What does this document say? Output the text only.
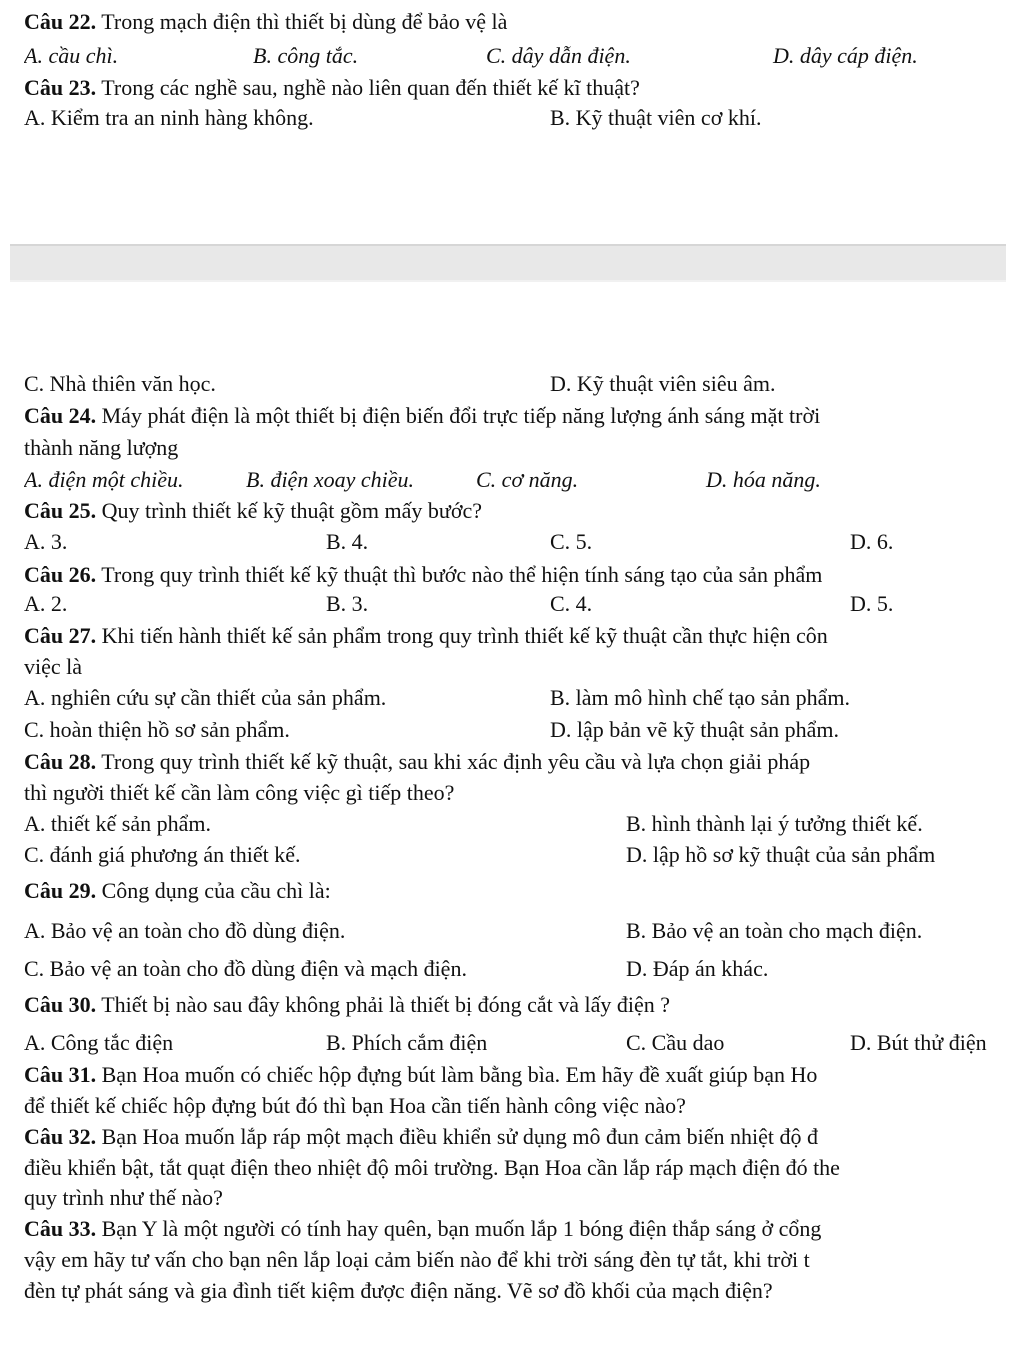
Câu 22. Trong mạch điện thì thiết bị dùng để bảo vệ là
A. cầu chì.	B. công tắc.	C. dây dẫn điện.	D. dây cáp điện.
Câu 23. Trong các nghề sau, nghề nào liên quan đến thiết kế kĩ thuật?
A. Kiểm tra an ninh hàng không.	B. Kỹ thuật viên cơ khí.
C. Nhà thiên văn học.	D. Kỹ thuật viên siêu âm.
Câu 24. Máy phát điện là một thiết bị điện biến đổi trực tiếp năng lượng ánh sáng mặt trời
thành năng lượng
A. điện một chiều.	B. điện xoay chiều.	C. cơ năng.	D. hóa năng.
Câu 25. Quy trình thiết kế kỹ thuật gồm mấy bước?
A. 3.	B. 4.	C. 5.	D. 6.
Câu 26. Trong quy trình thiết kế kỹ thuật thì bước nào thể hiện tính sáng tạo của sản phẩm
A. 2.	B. 3.	C. 4.	D. 5.
Câu 27. Khi tiến hành thiết kế sản phẩm trong quy trình thiết kế kỹ thuật cần thực hiện côn
việc là
A. nghiên cứu sự cần thiết của sản phẩm.	B. làm mô hình chế tạo sản phẩm.
C. hoàn thiện hồ sơ sản phẩm.	D. lập bản vẽ kỹ thuật sản phẩm.
Câu 28. Trong quy trình thiết kế kỹ thuật, sau khi xác định yêu cầu và lựa chọn giải pháp
thì người thiết kế cần làm công việc gì tiếp theo?
A. thiết kế sản phẩm.	B. hình thành lại ý tưởng thiết kế.
C. đánh giá phương án thiết kế.	D. lập hồ sơ kỹ thuật của sản phẩm
Câu 29. Công dụng của cầu chì là:
A. Bảo vệ an toàn cho đồ dùng điện.	B. Bảo vệ an toàn cho mạch điện.
C. Bảo vệ an toàn cho đồ dùng điện và mạch điện.	D. Đáp án khác.
Câu 30. Thiết bị nào sau đây không phải là thiết bị đóng cắt và lấy điện ?
A. Công tắc điện	B. Phích cắm điện	C. Cầu dao	D. Bút thử điện
Câu 31. Bạn Hoa muốn có chiếc hộp đựng bút làm bằng bìa. Em hãy đề xuất giúp bạn Ho
để thiết kế chiếc hộp đựng bút đó thì bạn Hoa cần tiến hành công việc nào?
Câu 32. Bạn Hoa muốn lắp ráp một mạch điều khiển sử dụng mô đun cảm biến nhiệt độ đ
điều khiển bật, tắt quạt điện theo nhiệt độ môi trường. Bạn Hoa cần lắp ráp mạch điện đó the
quy trình như thế nào?
Câu 33. Bạn Y là một người có tính hay quên, bạn muốn lắp 1 bóng điện thắp sáng ở cổng
vậy em hãy tư vấn cho bạn nên lắp loại cảm biến nào để khi trời sáng đèn tự tắt, khi trời t
đèn tự phát sáng và gia đình tiết kiệm được điện năng. Vẽ sơ đồ khối của mạch điện?
